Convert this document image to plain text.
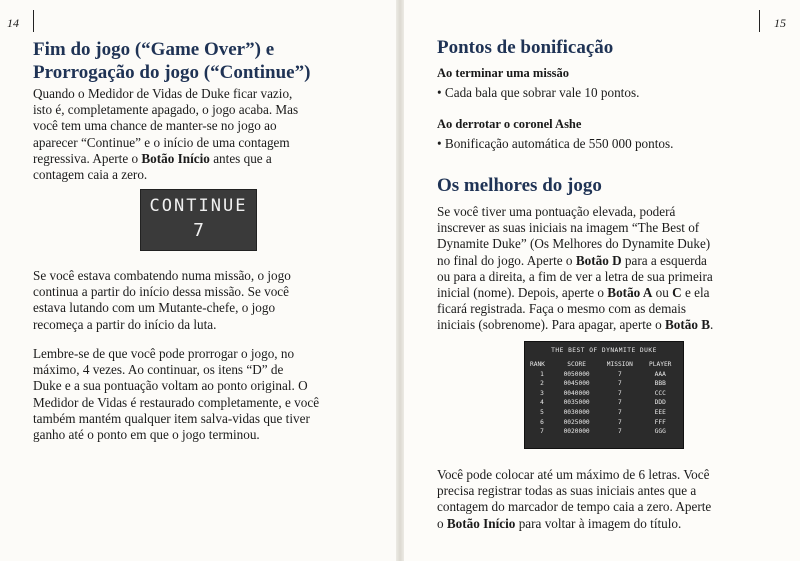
14	15
Fim do jogo (“Game Over”) e
Prorrogação do jogo (“Continue”)

Quando o Medidor de Vidas de Duke ficar vazio,
isto é, completamente apagado, o jogo acaba. Mas
você tem uma chance de manter-se no jogo ao
aparecer “Continue” e o início de uma contagem
regressiva. Aperte o Botão Início antes que a
contagem caia a zero.

CONTINUE
7

Se você estava combatendo numa missão, o jogo
continua a partir do início dessa missão. Se você
estava lutando com um Mutante-chefe, o jogo
recomeça a partir do início da luta.

Lembre-se de que você pode prorrogar o jogo, no
máximo, 4 vezes. Ao continuar, os itens “D” de
Duke e a sua pontuação voltam ao ponto original. O
Medidor de Vidas é restaurado completamente, e você
também mantém qualquer item salva-vidas que tiver
ganho até o ponto em que o jogo terminou.

Pontos de bonificação
Ao terminar uma missão

• Cada bala que sobrar vale 10 pontos.

Ao derrotar o coronel Ashe

• Bonificação automática de 550 000 pontos.

Os melhores do jogo

Se você tiver uma pontuação elevada, poderá
inscrever as suas iniciais na imagem “The Best of
Dynamite Duke” (Os Melhores do Dynamite Duke)
no final do jogo. Aperte o Botão D para a esquerda
ou para a direita, a fim de ver a letra de sua primeira
inicial (nome). Depois, aperte o Botão A ou C e ela
ficará registrada. Faça o mesmo com as demais
iniciais (sobrenome). Para apagar, aperte o Botão B.

THE BEST OF DYNAMITE DUKE
RANK	SCORE	MISSION	PLAYER
1	0050000	7	AAA
2	0045000	7	BBB
3	0040000	7	CCC
4	0035000	7	DDD
5	0030000	7	EEE
6	0025000	7	FFF
7	0020000	7	GGG

Você pode colocar até um máximo de 6 letras. Você
precisa registrar todas as suas iniciais antes que a
contagem do marcador de tempo caia a zero. Aperte
o Botão Início para voltar à imagem do título.
